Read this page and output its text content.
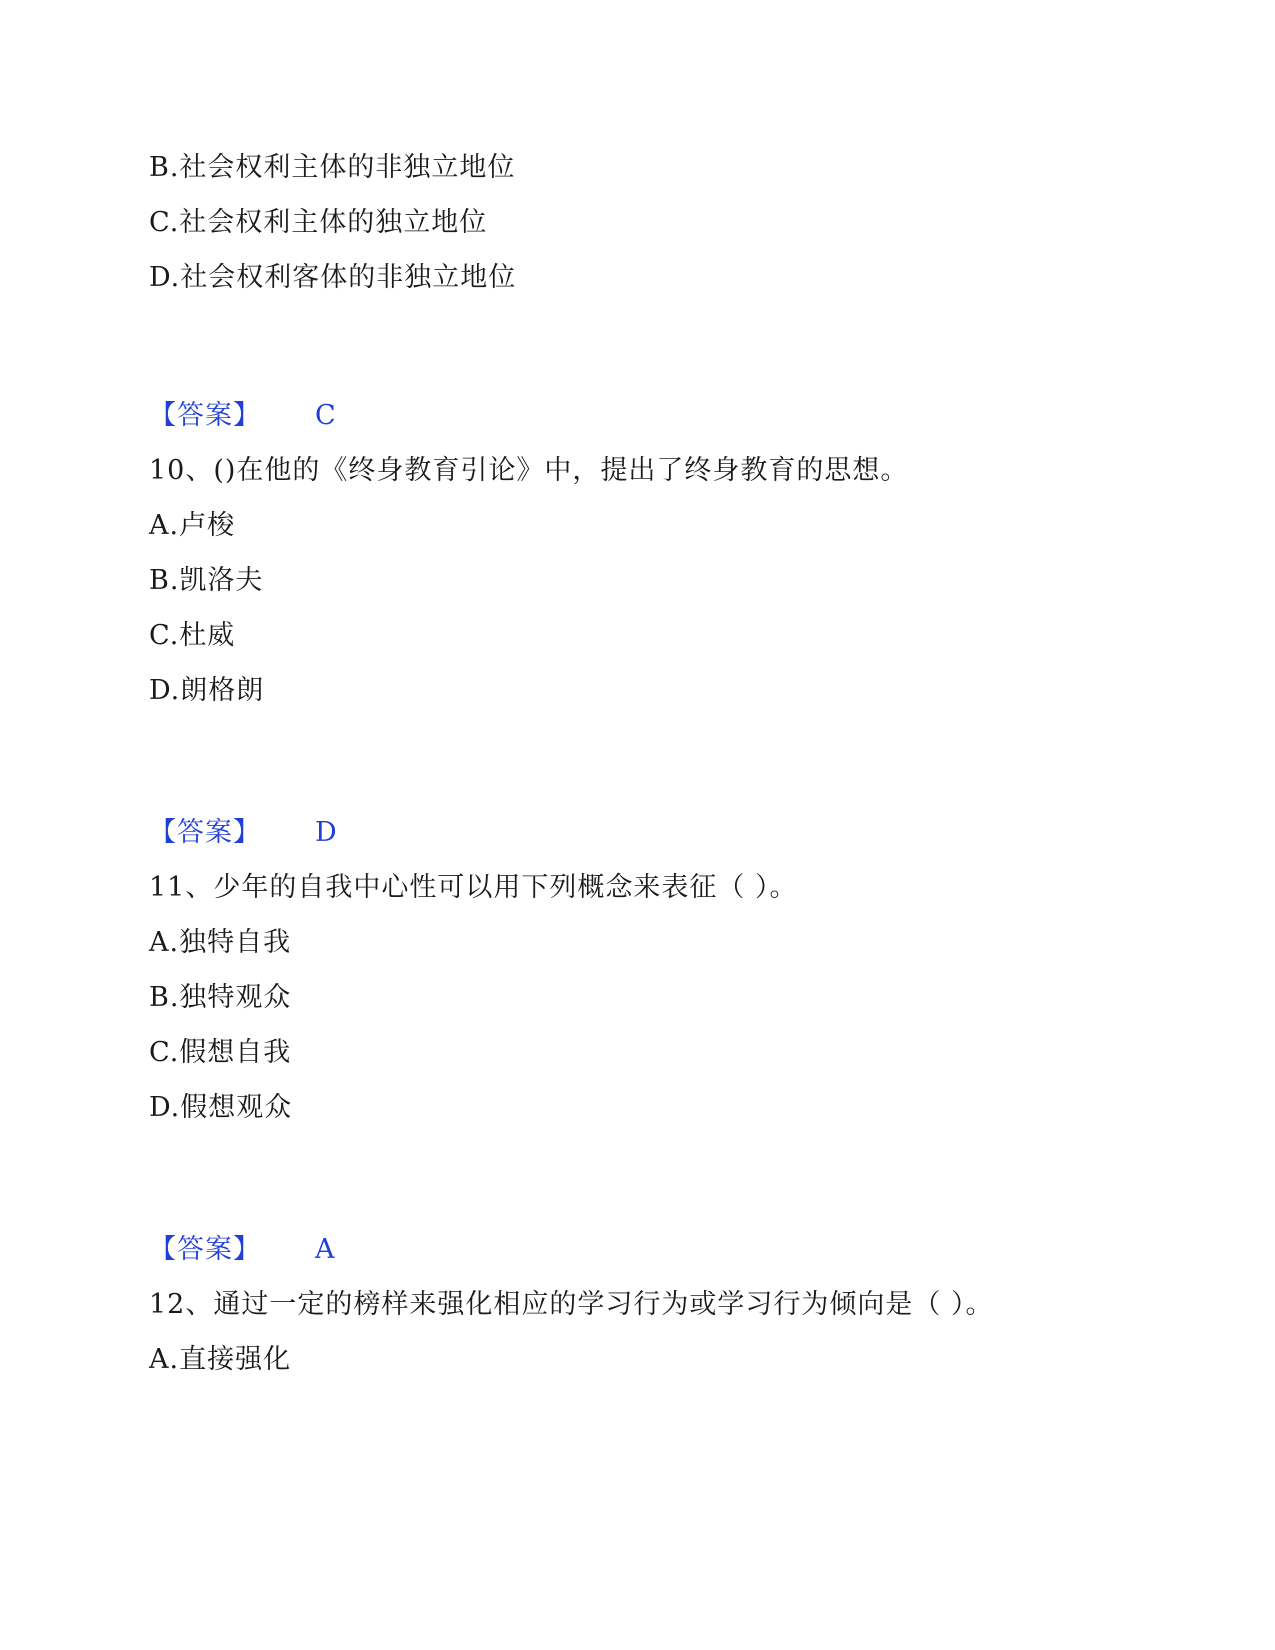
B.社会权利主体的非独立地位
C.社会权利主体的独立地位
D.社会权利客体的非独立地位
【答案】 C
10、()在他的《终身教育引论》中，提出了终身教育的思想。
A.卢梭
B.凯洛夫
C.杜威
D.朗格朗
【答案】 D
11、少年的自我中心性可以用下列概念来表征（ ）。
A.独特自我
B.独特观众
C.假想自我
D.假想观众
【答案】 A
12、通过一定的榜样来强化相应的学习行为或学习行为倾向是（ ）。
A.直接强化
